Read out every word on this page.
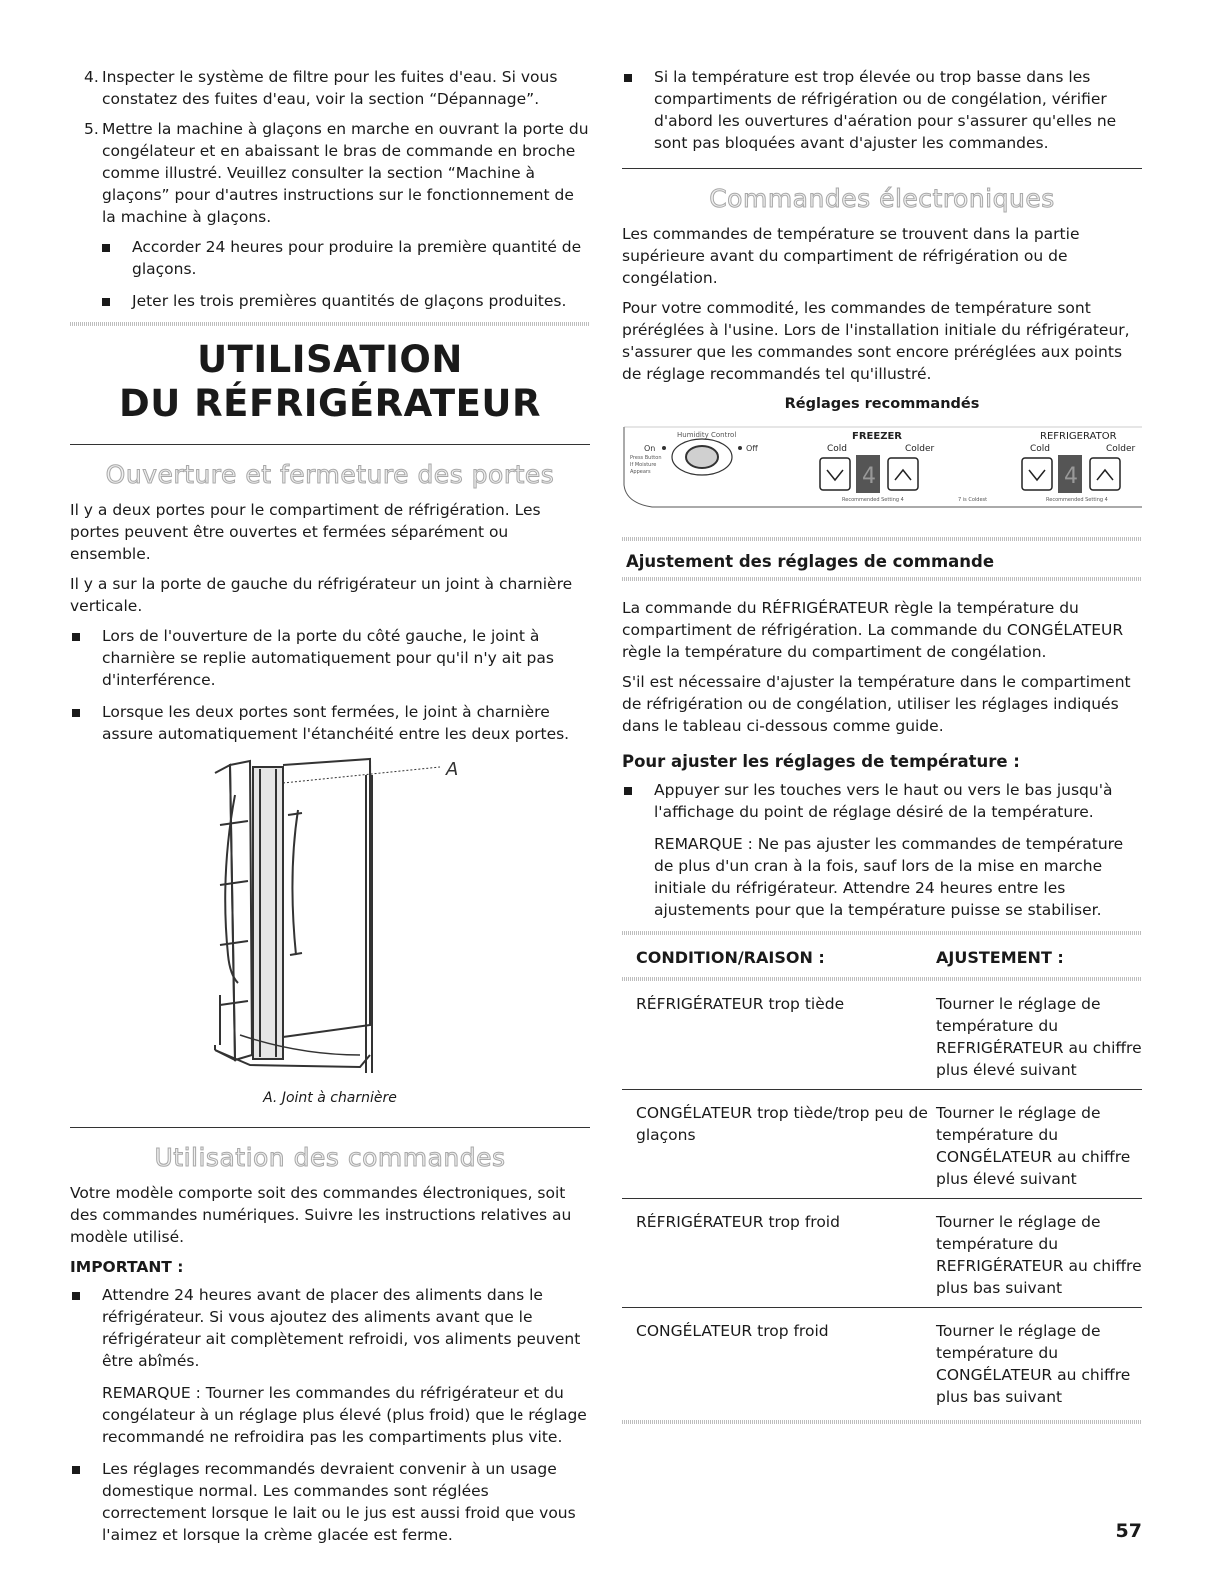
4. Inspecter le système de filtre pour les fuites d'eau. Si vous constatez des fuites d'eau, voir la section “Dépannage”.
5. Mettre la machine à glaçons en marche en ouvrant la porte du congélateur et en abaissant le bras de commande en broche comme illustré. Veuillez consulter la section “Machine à glaçons” pour d'autres instructions sur le fonctionnement de la machine à glaçons.
Accorder 24 heures pour produire la première quantité de glaçons.
Jeter les trois premières quantités de glaçons produites.
UTILISATION
DU RÉFRIGÉRATEUR
Ouverture et fermeture des portes

Il y a deux portes pour le compartiment de réfrigération. Les portes peuvent être ouvertes et fermées séparément ou ensemble.

Il y a sur la porte de gauche du réfrigérateur un joint à charnière verticale.

Lors de l'ouverture de la porte du côté gauche, le joint à charnière se replie automatiquement pour qu'il n'y ait pas d'interférence.
Lorsque les deux portes sont fermées, le joint à charnière assure automatiquement l'étanchéité entre les deux portes.
A
A. Joint à charnière
Utilisation des commandes

Votre modèle comporte soit des commandes électroniques, soit des commandes numériques. Suivre les instructions relatives au modèle utilisé.

IMPORTANT :

Attendre 24 heures avant de placer des aliments dans le réfrigérateur. Si vous ajoutez des aliments avant que le réfrigérateur ait complètement refroidi, vos aliments peuvent être abîmés.

REMARQUE : Tourner les commandes du réfrigérateur et du congélateur à un réglage plus élevé (plus froid) que le réglage recommandé ne refroidira pas les compartiments plus vite.

Les réglages recommandés devraient convenir à un usage domestique normal. Les commandes sont réglées correctement lorsque le lait ou le jus est aussi froid que vous l'aimez et lorsque la crème glacée est ferme.
Si la température est trop élevée ou trop basse dans les compartiments de réfrigération ou de congélation, vérifier d'abord les ouvertures d'aération pour s'assurer qu'elles ne sont pas bloquées avant d'ajuster les commandes.
Commandes électroniques

Les commandes de température se trouvent dans la partie supérieure avant du compartiment de réfrigération ou de congélation.

Pour votre commodité, les commandes de température sont préréglées à l'usine. Lors de l'installation initiale du réfrigérateur, s'assurer que les commandes sont encore préréglées aux points de réglage recommandés tel qu'illustré.

Réglages recommandés
Humidity Control
On	Off
Press Button
If Moisture
Appears
FREEZER
Cold	Colder
4
Recommended Setting 4	7 is Coldest
REFRIGERATOR
Cold	Colder
4
Recommended Setting 4
Ajustement des réglages de commande

La commande du RÉFRIGÉRATEUR règle la température du compartiment de réfrigération. La commande du CONGÉLATEUR règle la température du compartiment de congélation.

S'il est nécessaire d'ajuster la température dans le compartiment de réfrigération ou de congélation, utiliser les réglages indiqués dans le tableau ci-dessous comme guide.

Pour ajuster les réglages de température :
Appuyer sur les touches vers le haut ou vers le bas jusqu'à l'affichage du point de réglage désiré de la température.

REMARQUE : Ne pas ajuster les commandes de température de plus d'un cran à la fois, sauf lors de la mise en marche initiale du réfrigérateur. Attendre 24 heures entre les ajustements pour que la température puisse se stabiliser.

CONDITION/RAISON :	AJUSTEMENT :

RÉFRIGÉRATEUR trop tiède	Tourner le réglage de température du REFRIGÉRATEUR au chiffre plus élevé suivant
CONGÉLATEUR trop tiède/trop peu de glaçons	Tourner le réglage de température du CONGÉLATEUR au chiffre plus élevé suivant
RÉFRIGÉRATEUR trop froid	Tourner le réglage de température du REFRIGÉRATEUR au chiffre plus bas suivant
CONGÉLATEUR trop froid	Tourner le réglage de température du CONGÉLATEUR au chiffre plus bas suivant
57
